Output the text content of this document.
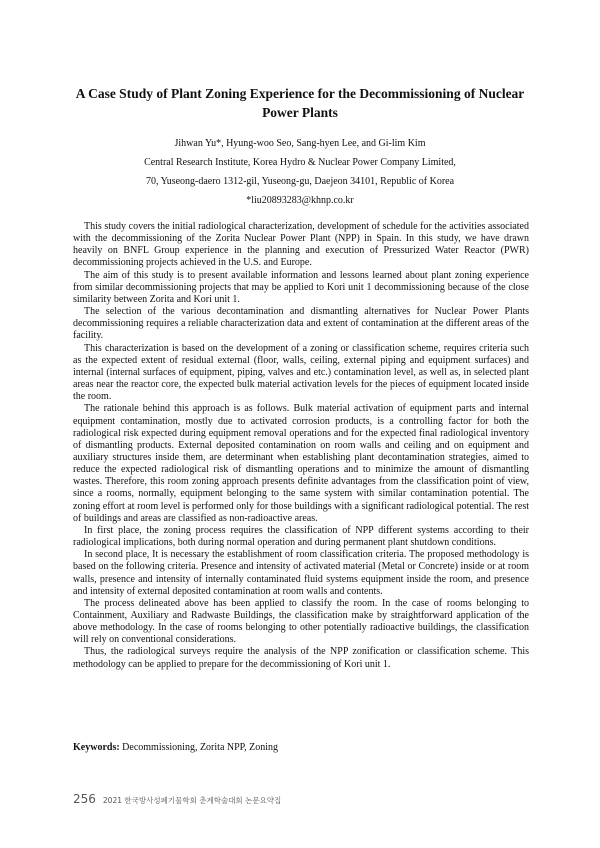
A Case Study of Plant Zoning Experience for the Decommissioning of Nuclear Power Plants

Jihwan Yu*, Hyung-woo Seo, Sang-hyen Lee, and Gi-lim Kim

Central Research Institute, Korea Hydro & Nuclear Power Company Limited,

70, Yuseong-daero 1312-gil, Yuseong-gu, Daejeon 34101, Republic of Korea

*liu20893283@khnp.co.kr

This study covers the initial radiological characterization, development of schedule for the activities associated with the decommissioning of the Zorita Nuclear Power Plant (NPP) in Spain. In this study, we have drawn heavily on BNFL Group experience in the planning and execution of Pressurized Water Reactor (PWR) decommissioning projects achieved in the U.S. and Europe.

The aim of this study is to present available information and lessons learned about plant zoning experience from similar decommissioning projects that may be applied to Kori unit 1 decommissioning because of the close similarity between Zorita and Kori unit 1.

The selection of the various decontamination and dismantling alternatives for Nuclear Power Plants decommissioning requires a reliable characterization data and extent of contamination at the different areas of the facility.

This characterization is based on the development of a zoning or classification scheme, requires criteria such as the expected extent of residual external (floor, walls, ceiling, external piping and equipment surfaces) and internal (internal surfaces of equipment, piping, valves and etc.) contamination level, as well as, in selected plant areas near the reactor core, the expected bulk material activation levels for the pieces of equipment located inside the room.

The rationale behind this approach is as follows. Bulk material activation of equipment parts and internal equipment contamination, mostly due to activated corrosion products, is a controlling factor for both the radiological risk expected during equipment removal operations and for the expected final radiological inventory of dismantling products. External deposited contamination on room walls and ceiling and on equipment and auxiliary structures inside them, are determinant when establishing plant decontamination strategies, aimed to reduce the expected radiological risk of dismantling operations and to minimize the amount of dismantling wastes. Therefore, this room zoning approach presents definite advantages from the classification point of view, since a rooms, normally, equipment belonging to the same system with similar contamination potential. The zoning effort at room level is performed only for those buildings with a significant radiological potential. The rest of buildings and areas are classified as non-radioactive areas.

In first place, the zoning process requires the classification of NPP different systems according to their radiological implications, both during normal operation and during permanent plant shutdown conditions.

In second place, It is necessary the establishment of room classification criteria. The proposed methodology is based on the following criteria. Presence and intensity of activated material (Metal or Concrete) inside or at room walls, presence and intensity of internally contaminated fluid systems equipment inside the room, and presence and intensity of external deposited contamination at room walls and contents.

The process delineated above has been applied to classify the room. In the case of rooms belonging to Containment, Auxiliary and Radwaste Buildings, the classification make by straightforward application of the above methodology. In the case of rooms belonging to other potentially radioactive buildings, the classification will rely on conventional considerations.

Thus, the radiological surveys require the analysis of the NPP zonification or classification scheme. This methodology can be applied to prepare for the decommissioning of Kori unit 1.

Keywords: Decommissioning, Zorita NPP, Zoning
256 2021 한국방사성폐기물학회 춘계학술대회 논문요약집
